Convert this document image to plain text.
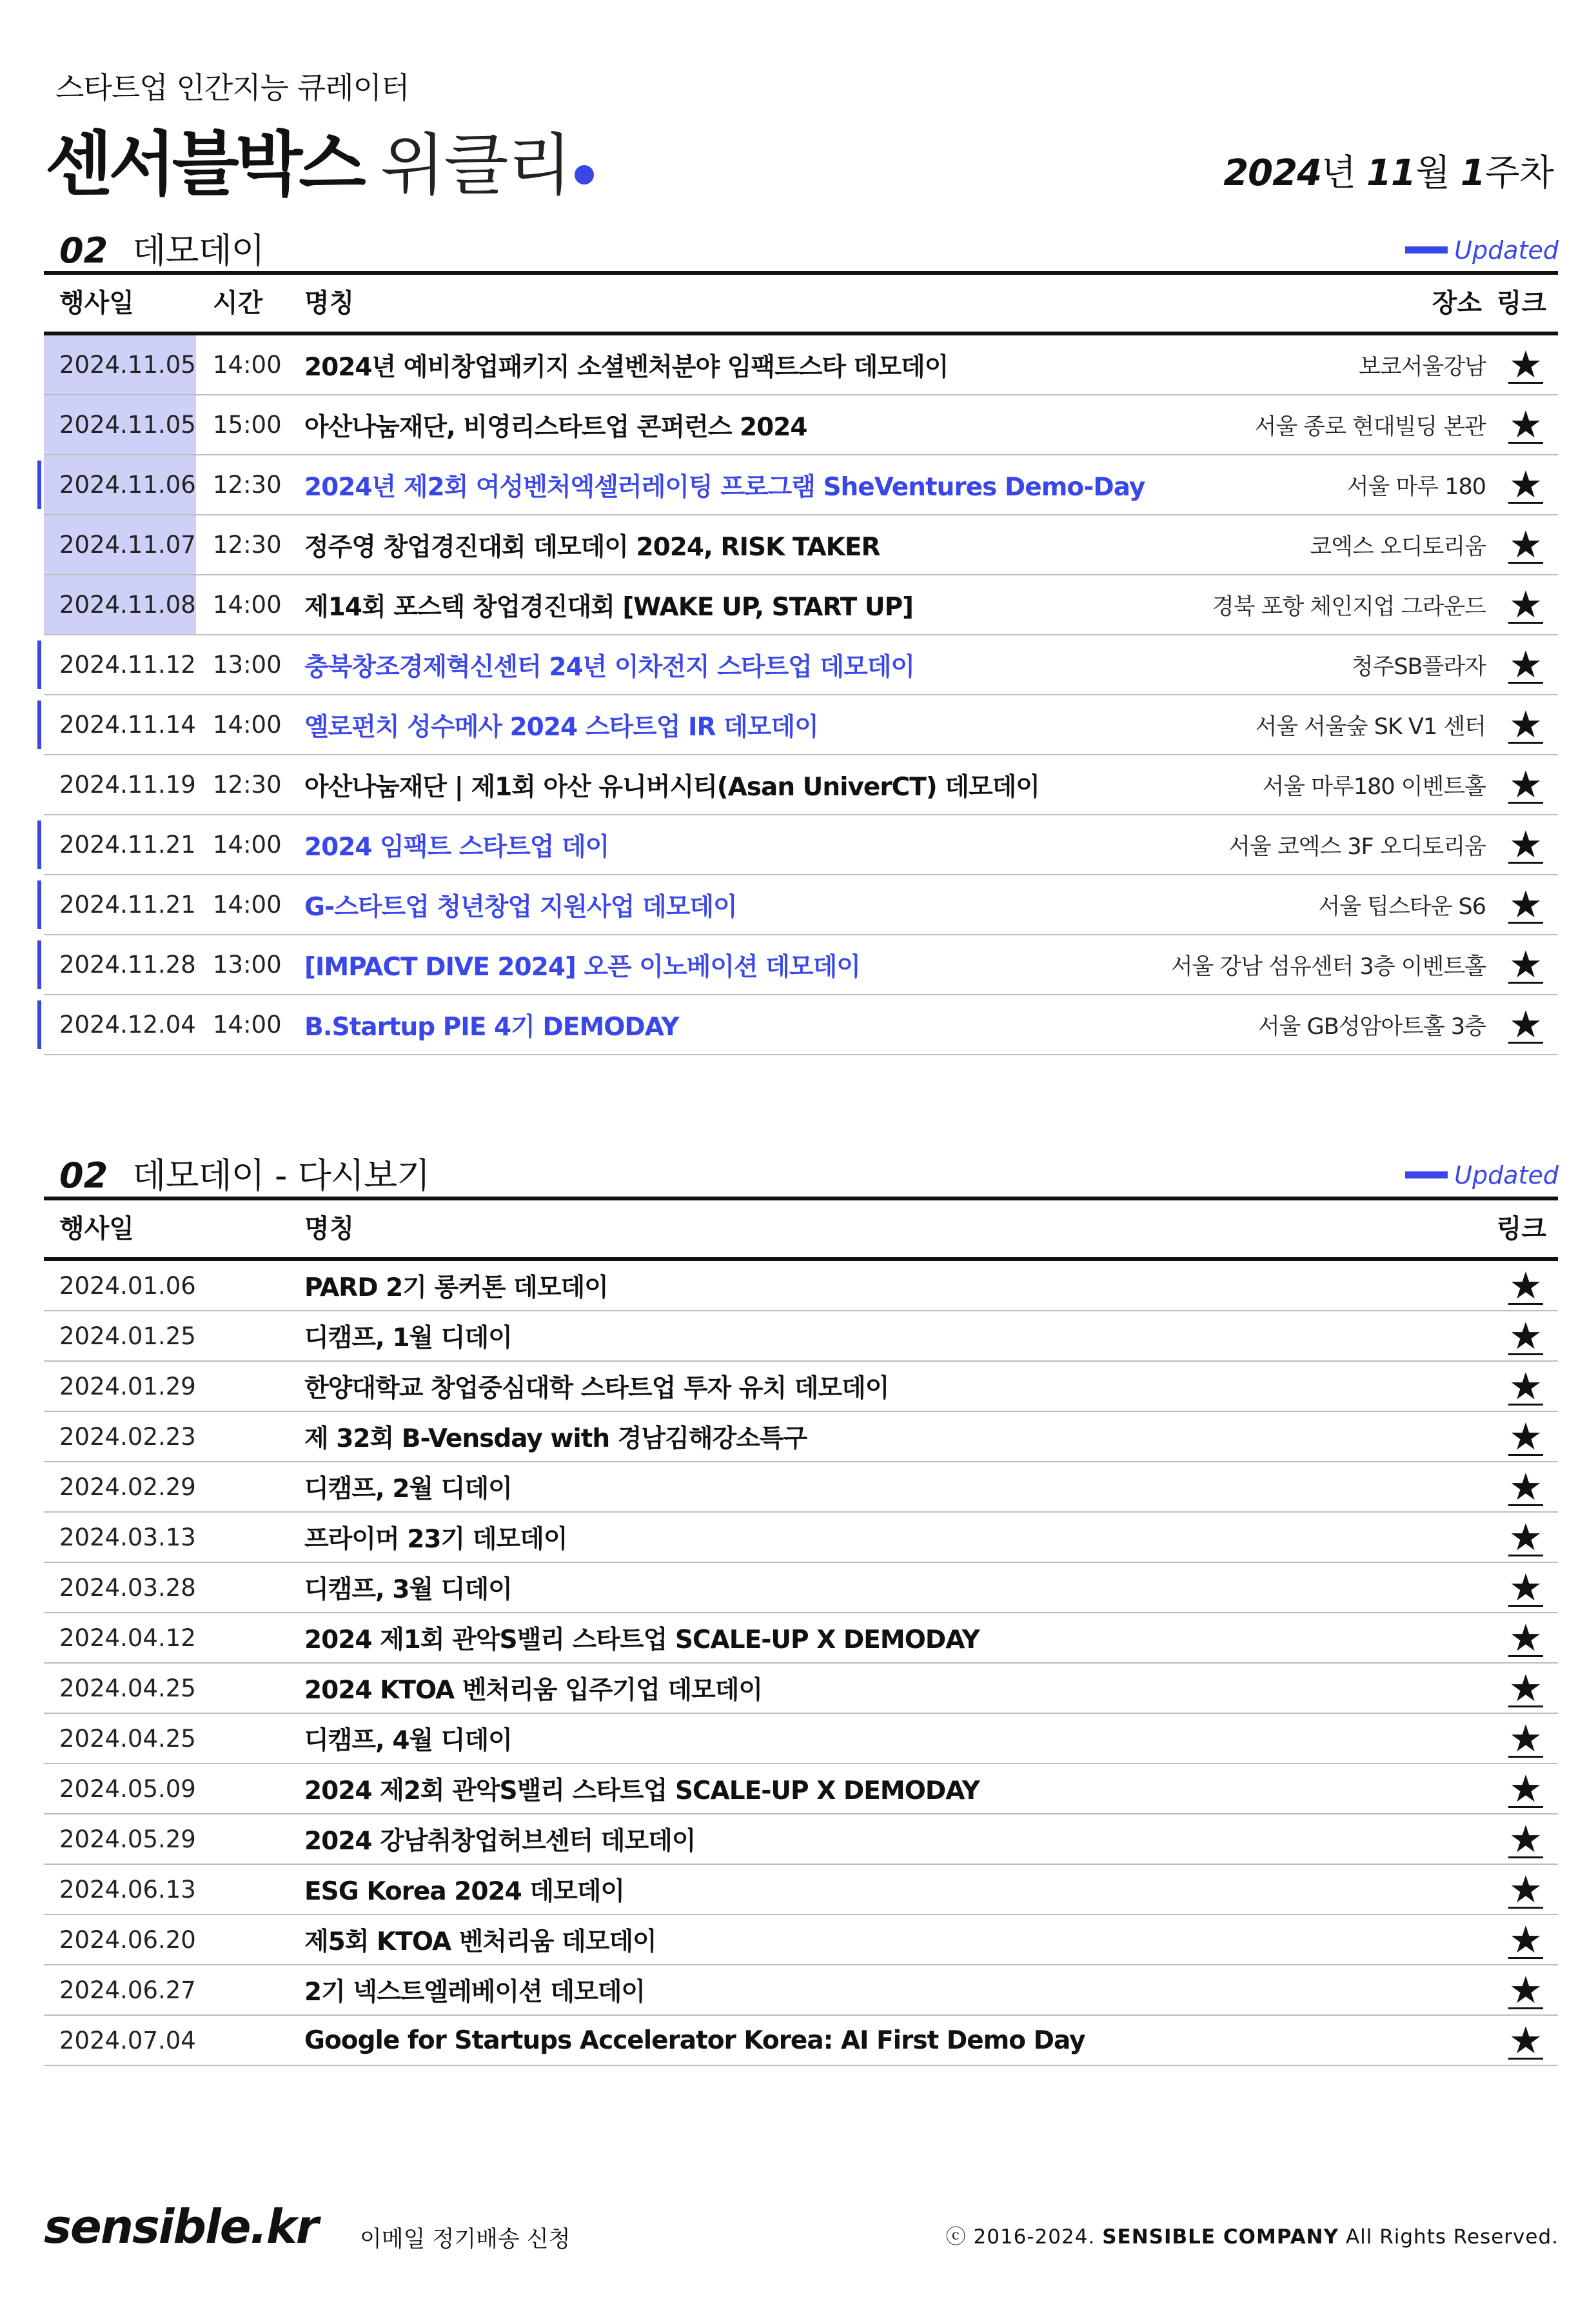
스타트업 인간지능 큐레이터
센서블박스 위클리	2024년 11월 1주차
02 데모데이	Updated
행사일	시간 명칭	장소 링크
2024.11.05 14:00 2024년 예비창업패키지 소셜벤처분야 임팩트스타 데모데이	보코서울강남 ★
2024.11.05 15:00 아산나눔재단, 비영리스타트업 콘퍼런스 2024	서울 종로 현대빌딩 본관 ★
2024.11.06 12:30 2024년 제2회 여성벤처엑셀러레이팅 프로그램 SheVentures Demo-Day	서울 마루 180 ★
2024.11.07 12:30 정주영 창업경진대회 데모데이 2024, RISK TAKER	코엑스 오디토리움 ★
2024.11.08 14:00 제14회 포스텍 창업경진대회 [WAKE UP, START UP]	경북 포항 체인지업 그라운드 ★
2024.11.12 13:00 충북창조경제혁신센터 24년 이차전지 스타트업 데모데이	청주SB플라자 ★
2024.11.14 14:00 옐로펀치 성수메사 2024 스타트업 IR 데모데이	서울 서울숲 SK V1 센터 ★
2024.11.19 12:30 아산나눔재단 | 제1회 아산 유니버시티(Asan UniverCT) 데모데이	서울 마루180 이벤트홀 ★
2024.11.21 14:00 2024 임팩트 스타트업 데이	서울 코엑스 3F 오디토리움 ★
2024.11.21 14:00 G-스타트업 청년창업 지원사업 데모데이	서울 팁스타운 S6 ★
2024.11.28 13:00 [IMPACT DIVE 2024] 오픈 이노베이션 데모데이	서울 강남 섬유센터 3층 이벤트홀 ★
2024.12.04 14:00 B.Startup PIE 4기 DEMODAY	서울 GB성암아트홀 3층 ★
02 데모데이 - 다시보기	Updated
행사일	명칭	링크
2024.01.06	PARD 2기 롱커톤 데모데이	★
2024.01.25	디캠프, 1월 디데이	★
2024.01.29	한양대학교 창업중심대학 스타트업 투자 유치 데모데이	★
2024.02.23	제 32회 B-Vensday with 경남김해강소특구	★
2024.02.29	디캠프, 2월 디데이	★
2024.03.13	프라이머 23기 데모데이	★
2024.03.28	디캠프, 3월 디데이	★
2024.04.12	2024 제1회 관악S밸리 스타트업 SCALE-UP X DEMODAY	★
2024.04.25	2024 KTOA 벤처리움 입주기업 데모데이	★
2024.04.25	디캠프, 4월 디데이	★
2024.05.09	2024 제2회 관악S밸리 스타트업 SCALE-UP X DEMODAY	★
2024.05.29	2024 강남취창업허브센터 데모데이	★
2024.06.13	ESG Korea 2024 데모데이	★
2024.06.20	제5회 KTOA 벤처리움 데모데이	★
2024.06.27	2기 넥스트엘레베이션 데모데이	★
2024.07.04	Google for Startups Accelerator Korea: AI First Demo Day	★
sensible.kr 이메일 정기배송 신청	ⓒ 2016-2024. SENSIBLE COMPANY All Rights Reserved.
